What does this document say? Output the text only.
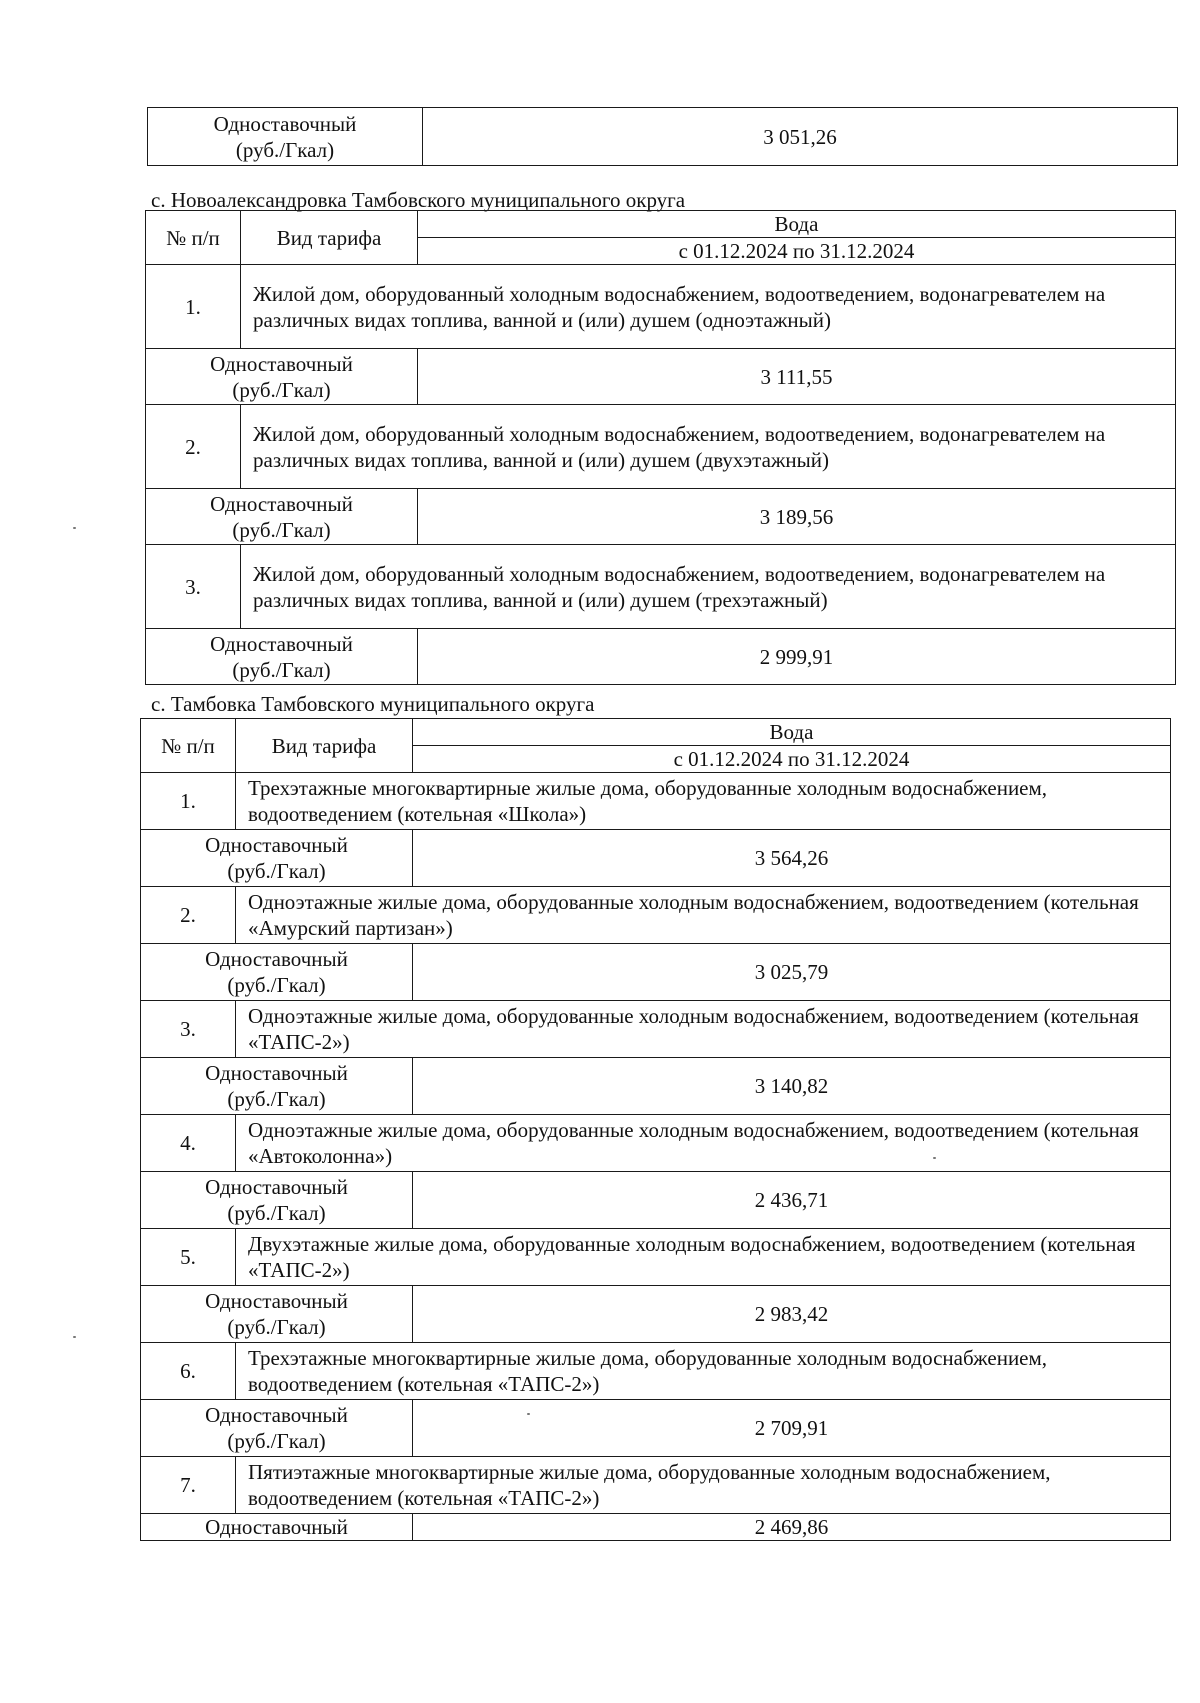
Одноставочный
(руб./Гкал)
	3 051,26
с. Новоалександровка Тамбовского муниципального округа
№ п/п	Вид тарифа	Вода
		с 01.12.2024 по 31.12.2024
1.	Жилой дом, оборудованный холодным водоснабжением, водоотведением, водонагревателем на различных видах топлива, ванной и (или) душем (одноэтажный)	

Одноставочный
(руб./Гкал)		3 111,55
2.	Жилой дом, оборудованный холодным водоснабжением, водоотведением, водонагревателем на различных видах топлива, ванной и (или) душем (двухэтажный)	

Одноставочный
(руб./Гкал)		3 189,56
3.	Жилой дом, оборудованный холодным водоснабжением, водоотведением, водонагревателем на различных видах топлива, ванной и (или) душем (трехэтажный)	

Одноставочный
(руб./Гкал)		2 999,91
с. Тамбовка Тамбовского муниципального округа
№ п/п	Вид тарифа	Вода
		с 01.12.2024 по 31.12.2024
1.	Трехэтажные многоквартирные жилые дома, оборудованные холодным водоснабжением, водоотведением (котельная «Школа»)	

Одноставочный
(руб./Гкал)		3 564,26
2.	Одноэтажные жилые дома, оборудованные холодным водоснабжением, водоотведением (котельная «Амурский партизан»)	

Одноставочный
(руб./Гкал)		3 025,79
3.	Одноэтажные жилые дома, оборудованные холодным водоснабжением, водоотведением (котельная «ТАПС-2»)	

Одноставочный
(руб./Гкал)		3 140,82
4.	Одноэтажные жилые дома, оборудованные холодным водоснабжением, водоотведением (котельная «Автоколонна»)	

Одноставочный
(руб./Гкал)		2 436,71
5.	Двухэтажные жилые дома, оборудованные холодным водоснабжением, водоотведением (котельная «ТАПС-2»)	

Одноставочный
(руб./Гкал)		2 983,42
6.	Трехэтажные многоквартирные жилые дома, оборудованные холодным водоснабжением, водоотведением (котельная «ТАПС-2»)	

Одноставочный
(руб./Гкал)		2 709,91
7.	Пятиэтажные многоквартирные жилые дома, оборудованные холодным водоснабжением, водоотведением (котельная «ТАПС-2»)	

Одноставочный		2 469,86
